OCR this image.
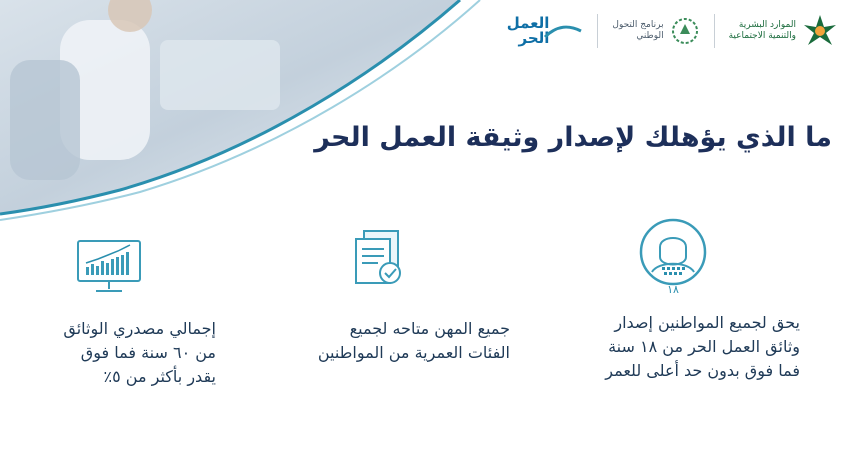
الموارد البشرية
والتنمية الاجتماعية
برنامج التحول
الوطني
العمل
الحر
ما الذي يؤهلك لإصدار وثيقة العمل الحر
١٨
يحق لجميع المواطنين إصدار
وثائق العمل الحر من ١٨ سنة
فما فوق بدون حد أعلى للعمر
جميع المهن متاحه لجميع
الفئات العمرية من المواطنين
إجمالي مصدري الوثائق
من ٦٠ سنة فما فوق
يقدر بأكثر من ٥٪
